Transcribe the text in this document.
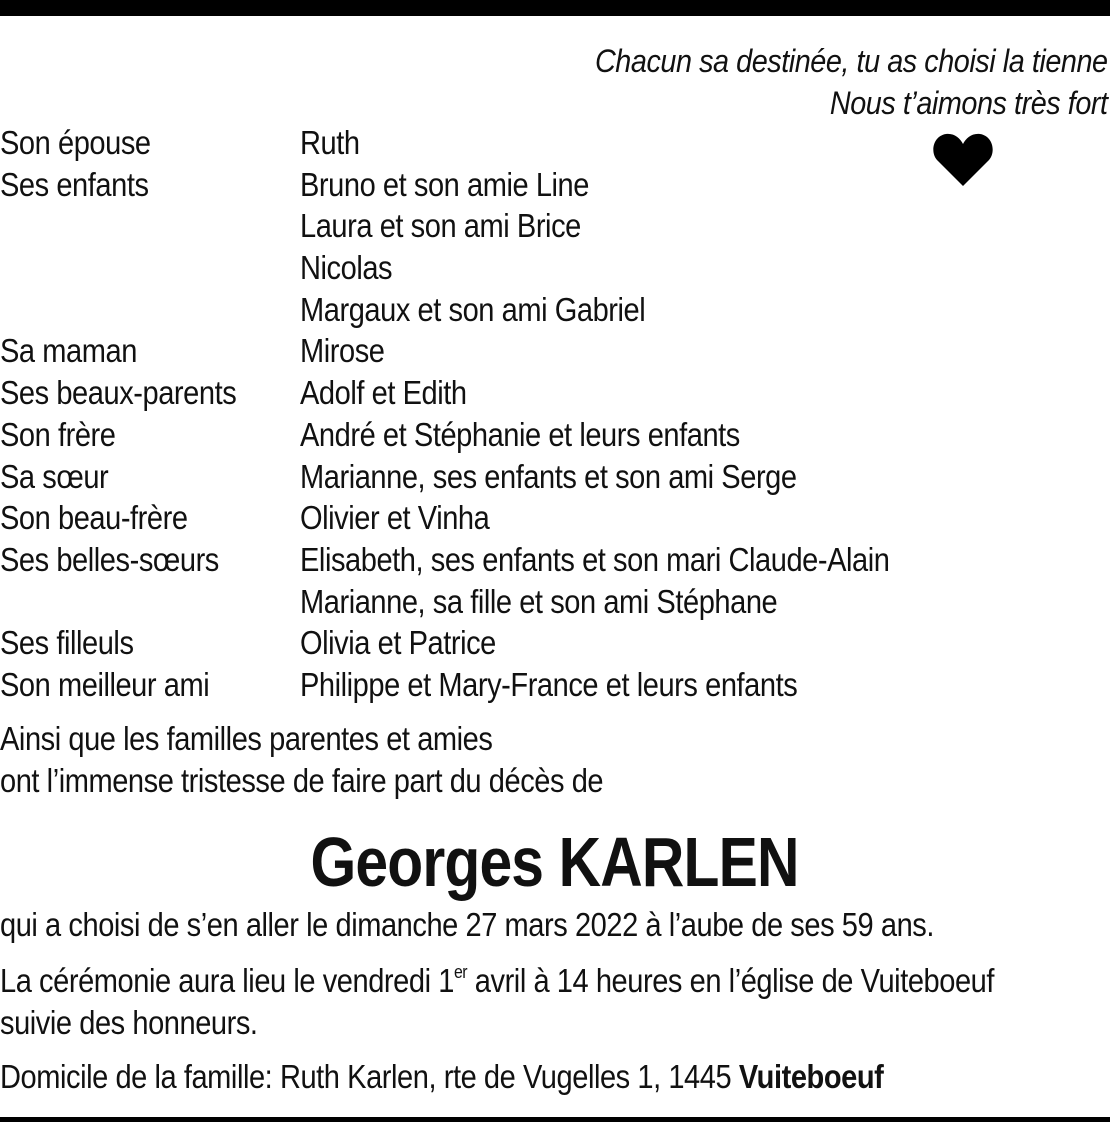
Chacun sa destinée, tu as choisi la tienne
Nous t’aimons très fort
Son épouse	Ruth
Ses enfants	Bruno et son amie Line
Laura et son ami Brice
Nicolas
Margaux et son ami Gabriel
Sa maman	Mirose
Ses beaux-parents	Adolf et Edith
Son frère	André et Stéphanie et leurs enfants
Sa sœur	Marianne, ses enfants et son ami Serge
Son beau-frère	Olivier et Vinha
Ses belles-sœurs	Elisabeth, ses enfants et son mari Claude-Alain
Marianne, sa fille et son ami Stéphane
Ses filleuls	Olivia et Patrice
Son meilleur ami	Philippe et Mary-France et leurs enfants
Ainsi que les familles parentes et amies
ont l’immense tristesse de faire part du décès de
Georges KARLEN
qui a choisi de s’en aller le dimanche 27 mars 2022 à l’aube de ses 59 ans.
La cérémonie aura lieu le vendredi 1er avril à 14 heures en l’église de Vuiteboeuf
suivie des honneurs.
Domicile de la famille: Ruth Karlen, rte de Vugelles 1, 1445 Vuiteboeuf
